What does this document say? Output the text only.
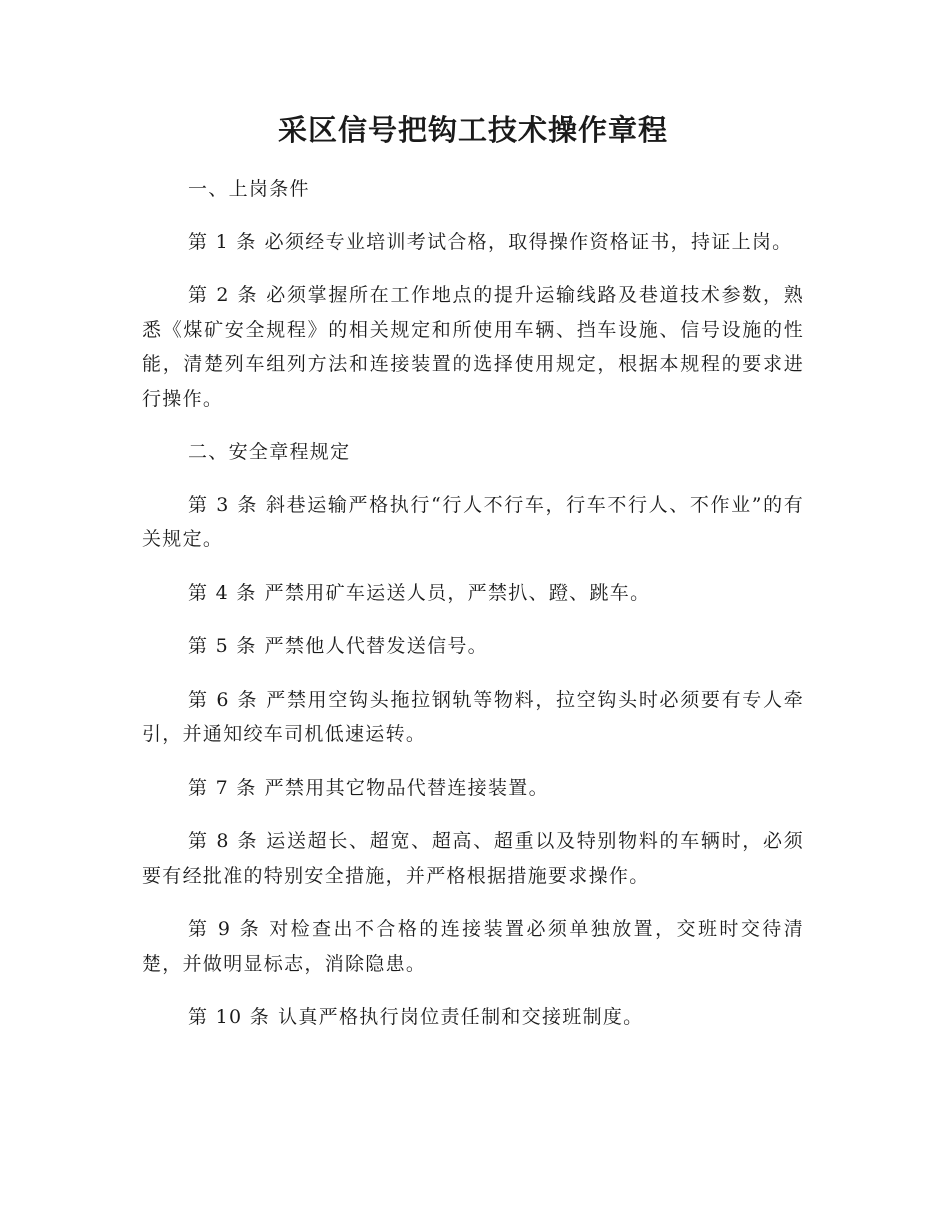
采区信号把钩工技术操作章程

一、上岗条件

第 1 条 必须经专业培训考试合格，取得操作资格证书，持证上岗。

第 2 条 必须掌握所在工作地点的提升运输线路及巷道技术参数，熟悉《煤矿安全规程》的相关规定和所使用车辆、挡车设施、信号设施的性能，清楚列车组列方法和连接装置的选择使用规定，根据本规程的要求进行操作。

二、安全章程规定

第 3 条 斜巷运输严格执行“行人不行车，行车不行人、不作业”的有关规定。

第 4 条 严禁用矿车运送人员，严禁扒、蹬、跳车。

第 5 条 严禁他人代替发送信号。

第 6 条 严禁用空钩头拖拉钢轨等物料，拉空钩头时必须要有专人牵引，并通知绞车司机低速运转。

第 7 条 严禁用其它物品代替连接装置。

第 8 条 运送超长、超宽、超高、超重以及特别物料的车辆时，必须要有经批准的特别安全措施，并严格根据措施要求操作。

第 9 条 对检查出不合格的连接装置必须单独放置，交班时交待清楚，并做明显标志，消除隐患。

第 10 条 认真严格执行岗位责任制和交接班制度。
